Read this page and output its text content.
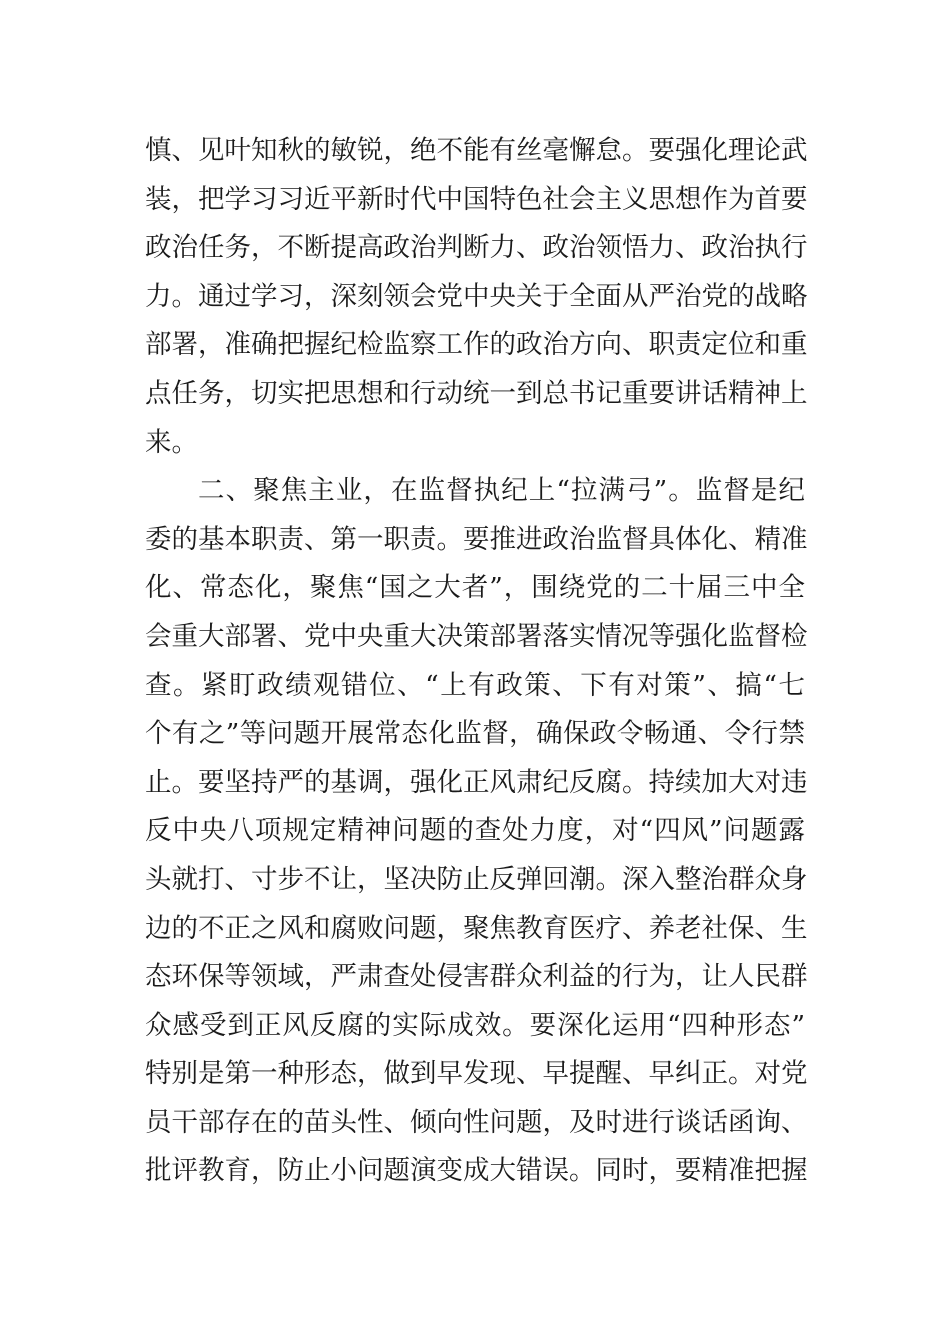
慎、见叶知秋的敏锐，绝不能有丝毫懈怠。要强化理论武
装，把学习习近平新时代中国特色社会主义思想作为首要
政治任务，不断提高政治判断力、政治领悟力、政治执行
力。通过学习，深刻领会党中央关于全面从严治党的战略
部署，准确把握纪检监察工作的政治方向、职责定位和重
点任务，切实把思想和行动统一到总书记重要讲话精神上
来。
二、聚焦主业，在监督执纪上“拉满弓”。监督是纪
委的基本职责、第一职责。要推进政治监督具体化、精准
化、常态化，聚焦“国之大者”，围绕党的二十届三中全
会重大部署、党中央重大决策部署落实情况等强化监督检
查。紧盯政绩观错位、“上有政策、下有对策”、搞“七
个有之”等问题开展常态化监督，确保政令畅通、令行禁
止。要坚持严的基调，强化正风肃纪反腐。持续加大对违
反中央八项规定精神问题的查处力度，对“四风”问题露
头就打、寸步不让，坚决防止反弹回潮。深入整治群众身
边的不正之风和腐败问题，聚焦教育医疗、养老社保、生
态环保等领域，严肃查处侵害群众利益的行为，让人民群
众感受到正风反腐的实际成效。要深化运用“四种形态”
特别是第一种形态，做到早发现、早提醒、早纠正。对党
员干部存在的苗头性、倾向性问题，及时进行谈话函询、
批评教育，防止小问题演变成大错误。同时，要精准把握
